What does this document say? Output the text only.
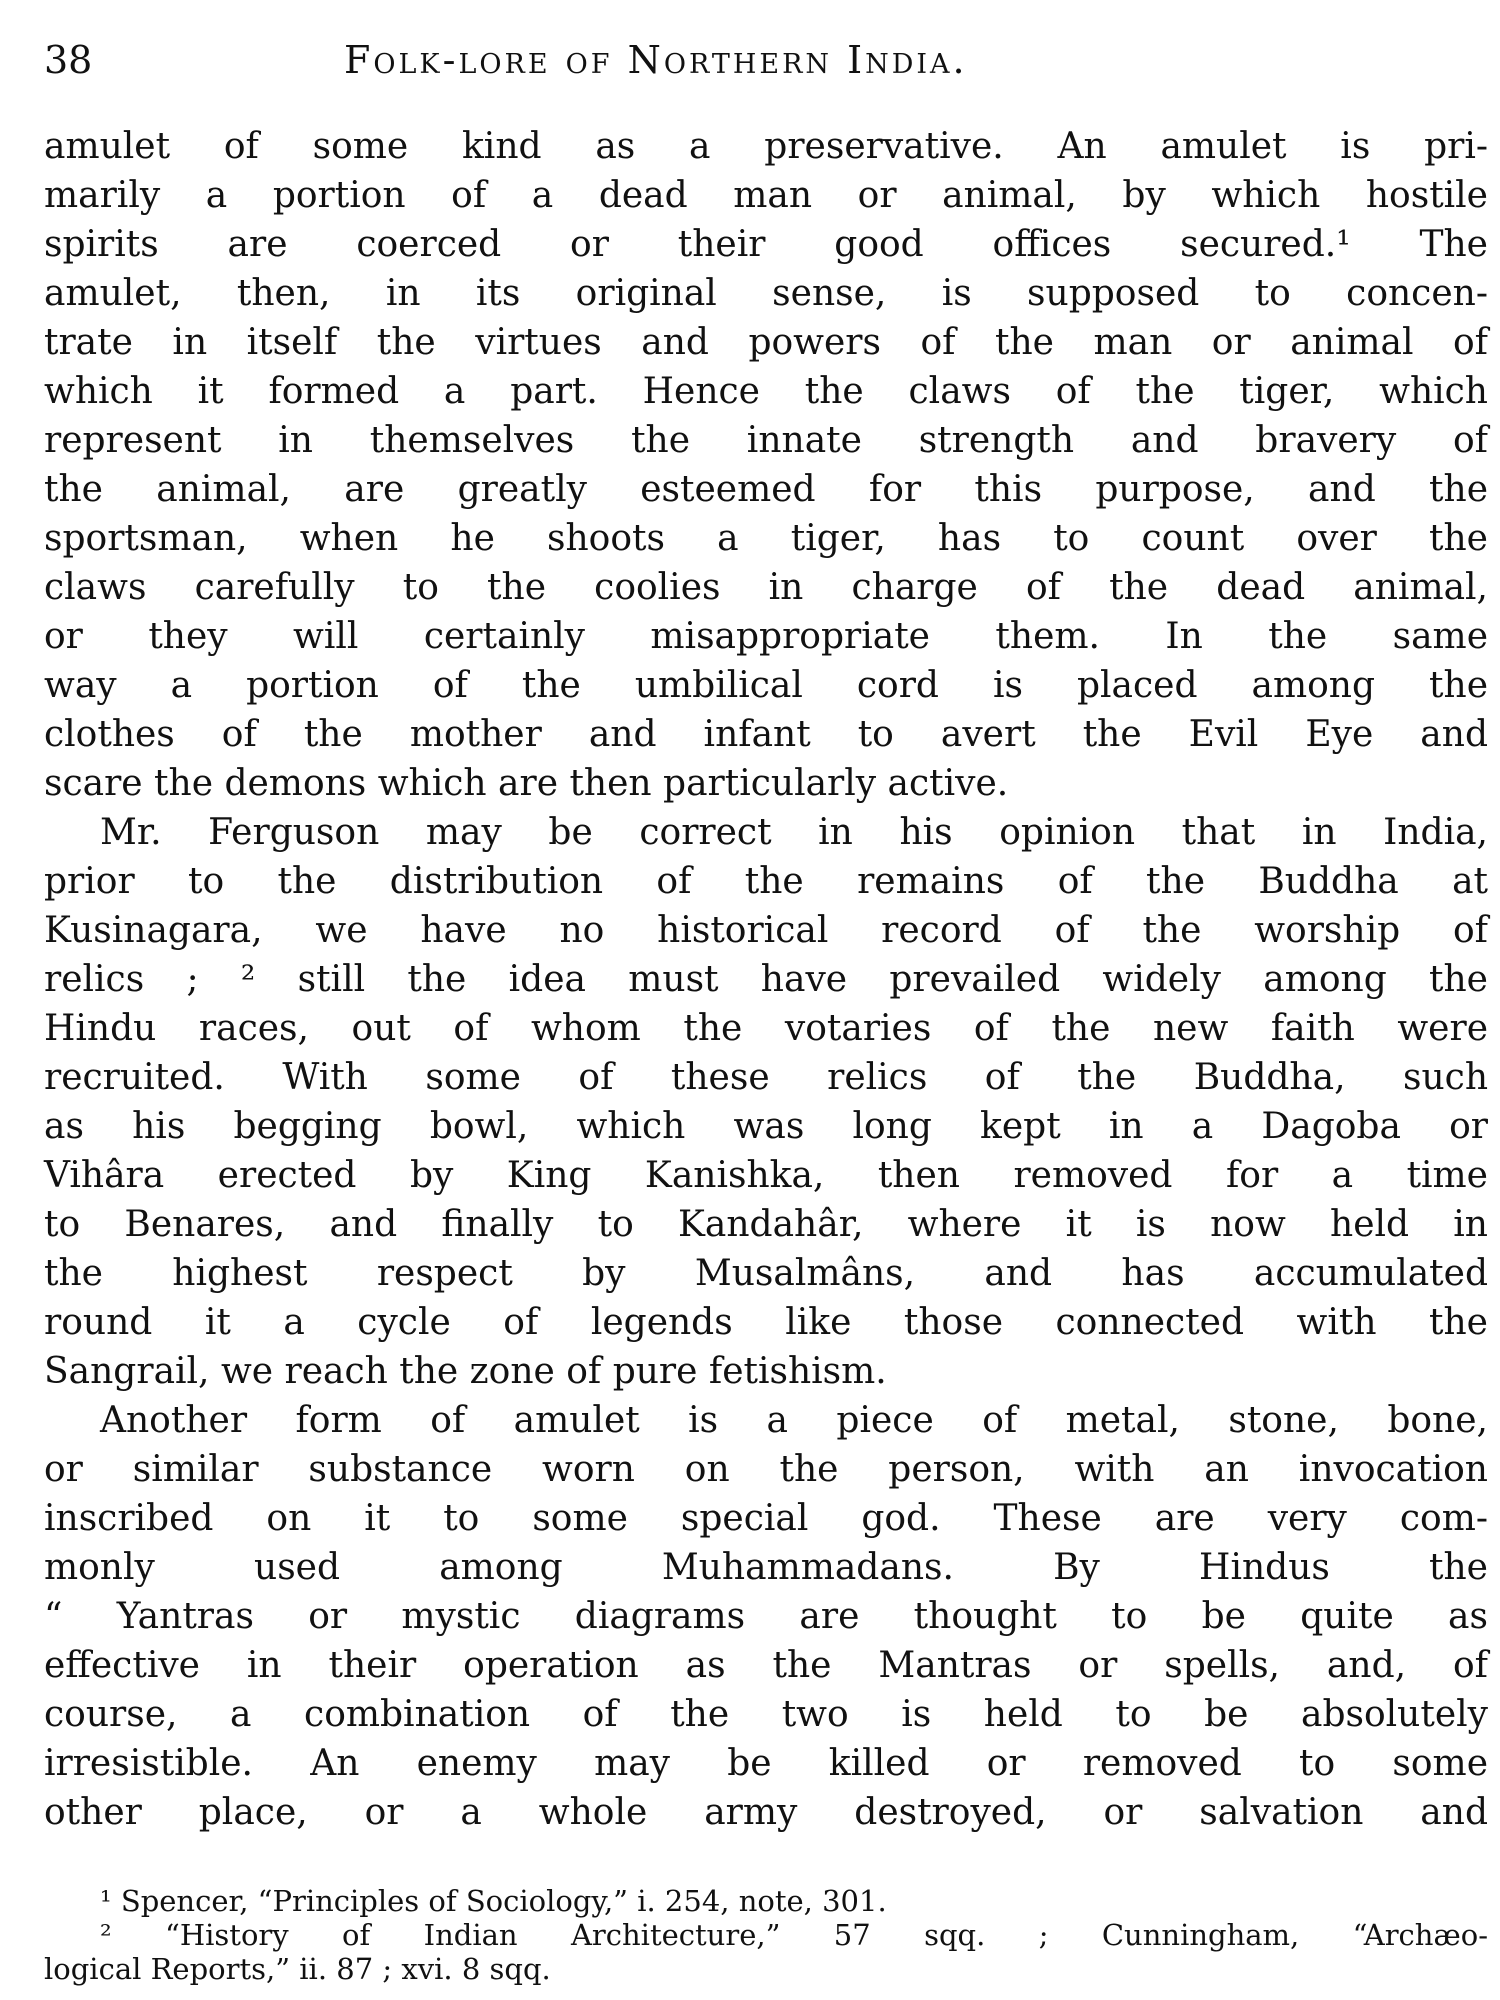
38	Folk-lore of Northern India.
amulet of some kind as a preservative. An amulet is pri-
marily a portion of a dead man or animal, by which hostile
spirits are coerced or their good offices secured.¹ The
amulet, then, in its original sense, is supposed to concen-
trate in itself the virtues and powers of the man or animal of
which it formed a part. Hence the claws of the tiger, which
represent in themselves the innate strength and bravery of
the animal, are greatly esteemed for this purpose, and the
sportsman, when he shoots a tiger, has to count over the
claws carefully to the coolies in charge of the dead animal,
or they will certainly misappropriate them. In the same
way a portion of the umbilical cord is placed among the
clothes of the mother and infant to avert the Evil Eye and
scare the demons which are then particularly active.
Mr. Ferguson may be correct in his opinion that in India,
prior to the distribution of the remains of the Buddha at
Kusinagara, we have no historical record of the worship of
relics ; ² still the idea must have prevailed widely among the
Hindu races, out of whom the votaries of the new faith were
recruited. With some of these relics of the Buddha, such
as his begging bowl, which was long kept in a Dagoba or
Vihâra erected by King Kanishka, then removed for a time
to Benares, and finally to Kandahâr, where it is now held in
the highest respect by Musalmâns, and has accumulated
round it a cycle of legends like those connected with the
Sangrail, we reach the zone of pure fetishism.
Another form of amulet is a piece of metal, stone, bone,
or similar substance worn on the person, with an invocation
inscribed on it to some special god. These are very com-
monly used among Muhammadans. By Hindus the
“ Yantras or mystic diagrams are thought to be quite as
effective in their operation as the Mantras or spells, and, of
course, a combination of the two is held to be absolutely
irresistible. An enemy may be killed or removed to some
other place, or a whole army destroyed, or salvation and
¹ Spencer, “Principles of Sociology,” i. 254, note, 301.
² “History of Indian Architecture,” 57 sqq. ; Cunningham, “Archæo-
logical Reports,” ii. 87 ; xvi. 8 sqq.
